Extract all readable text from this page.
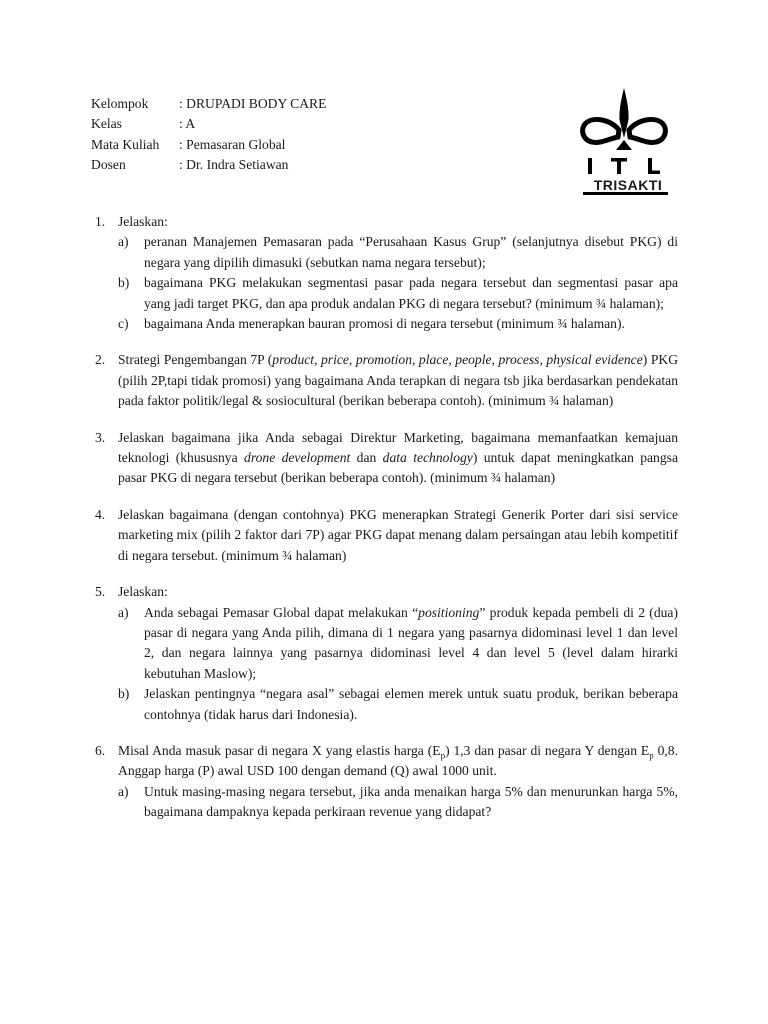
Kelompok	: DRUPADI BODY CARE
Kelas	: A
Mata Kuliah	: Pemasaran Global
Dosen	: Dr. Indra Setiawan
TRISAKTI
1. Jelaskan:
a)	peranan Manajemen Pemasaran pada “Perusahaan Kasus Grup” (selanjutnya disebut PKG) di negara yang dipilih dimasuki (sebutkan nama negara tersebut);
b)	bagaimana PKG melakukan segmentasi pasar pada negara tersebut dan segmentasi pasar apa yang jadi target PKG, dan apa produk andalan PKG di negara tersebut? (minimum ¾ halaman);
c)	bagaimana Anda menerapkan bauran promosi di negara tersebut (minimum ¾ halaman).
2. Strategi Pengembangan 7P (product, price, promotion, place, people, process, physical evidence) PKG (pilih 2P,tapi tidak promosi) yang bagaimana Anda terapkan di negara tsb jika berdasarkan pendekatan pada faktor politik/legal & sosiocultural (berikan beberapa contoh). (minimum ¾ halaman)
3. Jelaskan bagaimana jika Anda sebagai Direktur Marketing, bagaimana memanfaatkan kemajuan teknologi (khususnya drone development dan data technology) untuk dapat meningkatkan pangsa pasar PKG di negara tersebut (berikan beberapa contoh). (minimum ¾ halaman)
4. Jelaskan bagaimana (dengan contohnya) PKG menerapkan Strategi Generik Porter dari sisi service marketing mix (pilih 2 faktor dari 7P) agar PKG dapat menang dalam persaingan atau lebih kompetitif di negara tersebut. (minimum ¾ halaman)
5. Jelaskan:
a)	Anda sebagai Pemasar Global dapat melakukan “positioning” produk kepada pembeli di 2 (dua) pasar di negara yang Anda pilih, dimana di 1 negara yang pasarnya didominasi level 1 dan level 2, dan negara lainnya yang pasarnya didominasi level 4 dan level 5 (level dalam hirarki kebutuhan Maslow);
b)	Jelaskan pentingnya “negara asal” sebagai elemen merek untuk suatu produk, berikan beberapa contohnya (tidak harus dari Indonesia).
6. Misal Anda masuk pasar di negara X yang elastis harga $(E_p)$ 1,3 dan pasar di negara Y dengan $E_p$ 0,8. Anggap harga (P) awal USD 100 dengan demand (Q) awal 1000 unit.
a)	Untuk masing-masing negara tersebut, jika anda menaikan harga 5% dan menurunkan harga 5%, bagaimana dampaknya kepada perkiraan revenue yang didapat?
